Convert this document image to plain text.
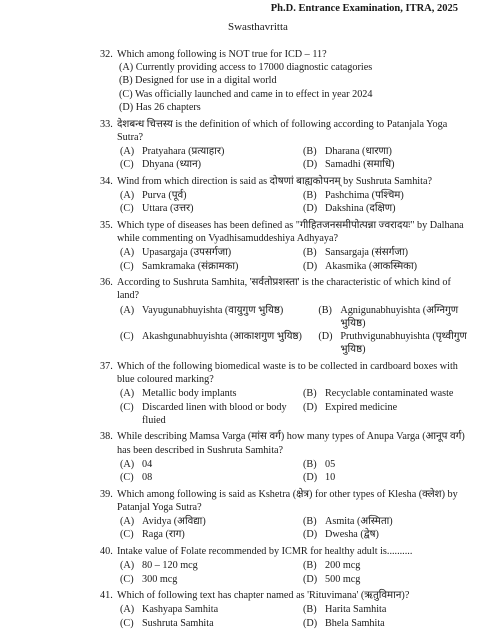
Ph.D. Entrance Examination, ITRA, 2025
Swasthavritta
32. Which among following is NOT true for ICD – 11?
(A) Currently providing access to 17000 diagnostic catagories
(B) Designed for use in a digital world
(C) Was officially launched and came in to effect in year 2024
(D) Has 26 chapters
33. देशबन्ध चित्तस्य is the definition of which of following according to Patanjala Yoga Sutra?
(A) Pratyahara (प्रत्याहार)	(B) Dharana (धारणा)
(C) Dhyana (ध्यान)	(D) Samadhi (समाधि)
34. Wind from which direction is said as दोषणां बाह्यकोपनम् by Sushruta Samhita?
(A) Purva (पूर्व)	(B) Pashchima (पश्चिम)
(C) Uttara (उत्तर)	(D) Dakshina (दक्षिण)
35. Which type of diseases has been defined as "गीहितजनसमीपोत्पन्ना ज्वरादयः" by Dalhana while commenting on Vyadhisamuddeshiya Adhyaya?
(A) Upasargaja (उपसर्गजा)	(B) Sansargaja (संसर्गजा)
(C) Samkramaka (संक्रामका)	(D) Akasmika (आकस्मिका)
36. According to Sushruta Samhita, 'सर्वतोप्रशस्ता' is the characteristic of which kind of land?
(A) Vayugunabhuyishta (वायुगुण भुयिष्ठ)	(B) Agnigunabhuyishta (अग्निगुण भुयिष्ठ)
(C) Akashgunabhuyishta (आकाशगुण भुयिष्ठ) (D) Pruthvigunabhuyishta (पृथ्वीगुण भुयिष्ठ)
37. Which of the following biomedical waste is to be collected in cardboard boxes with blue coloured marking?
(A) Metallic body implants	(B) Recyclable contaminated waste
(C) Discarded linen with blood or body fluied
(D) Expired medicine
38. While describing Mamsa Varga (मांस वर्ग) how many types of Anupa Varga (आनूप वर्ग) has been described in Sushruta Samhita?
(A) 04	(B) 05
(C) 08	(D) 10
39. Which among following is said as Kshetra (क्षेत्र) for other types of Klesha (क्लेश) by Patanjal Yoga Sutra?
(A) Avidya (अविद्या)	(B) Asmita (अस्मिता)
(C) Raga (राग)	(D) Dwesha (द्वेष)
40. Intake value of Folate recommended by ICMR for healthy adult is..........
(A) 80 – 120 mcg	(B) 200 mcg
(C) 300 mcg	(D) 500 mcg
41. Which of following text has chapter named as 'Rituvimana' (ऋतुविमान)?
(A) Kashyapa Samhita	(B) Harita Samhita
(C) Sushruta Samhita	(D) Bhela Samhita
